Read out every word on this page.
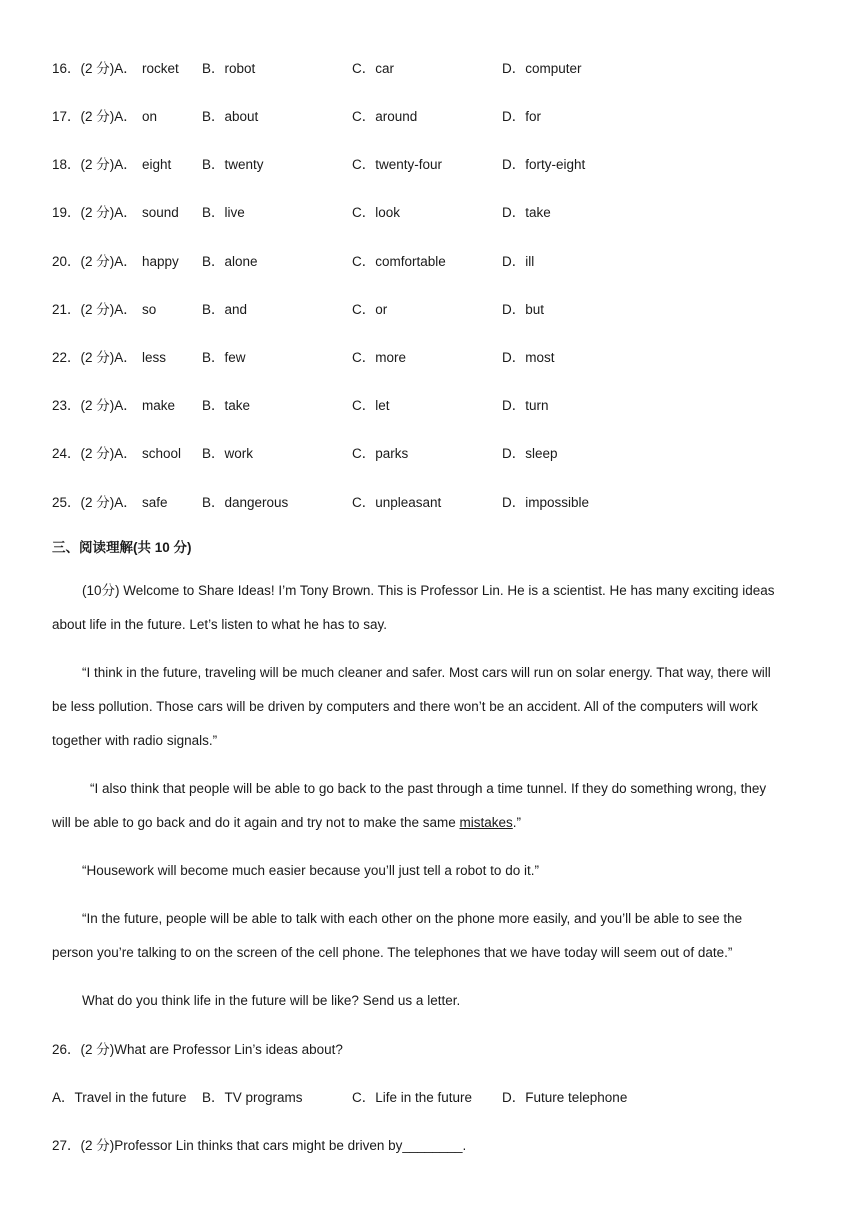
16．(2 分)A． rocket B．robot	C．car	D．computer
17．(2 分)A． on	B．about	C．around	D．for
18．(2 分)A． eight B．twenty	C．twenty-four	D．forty-eight
19．(2 分)A． sound B．live	C．look	D．take
20．(2 分)A． happy B．alone	C．comfortable	D．ill
21．(2 分)A． so	B．and	C．or	D．but
22．(2 分)A． less	B．few	C．more	D．most
23．(2 分)A． make B．take	C．let	D．turn
24．(2 分)A． school B．work	C．parks	D．sleep
25．(2 分)A． safe	B．dangerous	C．unpleasant	D．impossible
三、阅读理解(共 10 分)
(10分) Welcome to Share Ideas! I’m Tony Brown. This is Professor Lin. He is a scientist. He has many exciting ideas
about life in the future. Let’s listen to what he has to say.
“I think in the future, traveling will be much cleaner and safer. Most cars will run on solar energy. That way, there will
be less pollution. Those cars will be driven by computers and there won’t be an accident. All of the computers will work
together with radio signals.”
“I also think that people will be able to go back to the past through a time tunnel. If they do something wrong, they
will be able to go back and do it again and try not to make the same mistakes.”
“Housework will become much easier because you’ll just tell a robot to do it.”
“In the future, people will be able to talk with each other on the phone more easily, and you’ll be able to see the
person you’re talking to on the screen of the cell phone. The telephones that we have today will seem out of date.”
What do you think life in the future will be like? Send us a letter.
26．(2 分)What are Professor Lin’s ideas about?
A．Travel in the future B．TV programs	C．Life in the future D．Future telephone
27．(2 分)Professor Lin thinks that cars might be driven by________.
